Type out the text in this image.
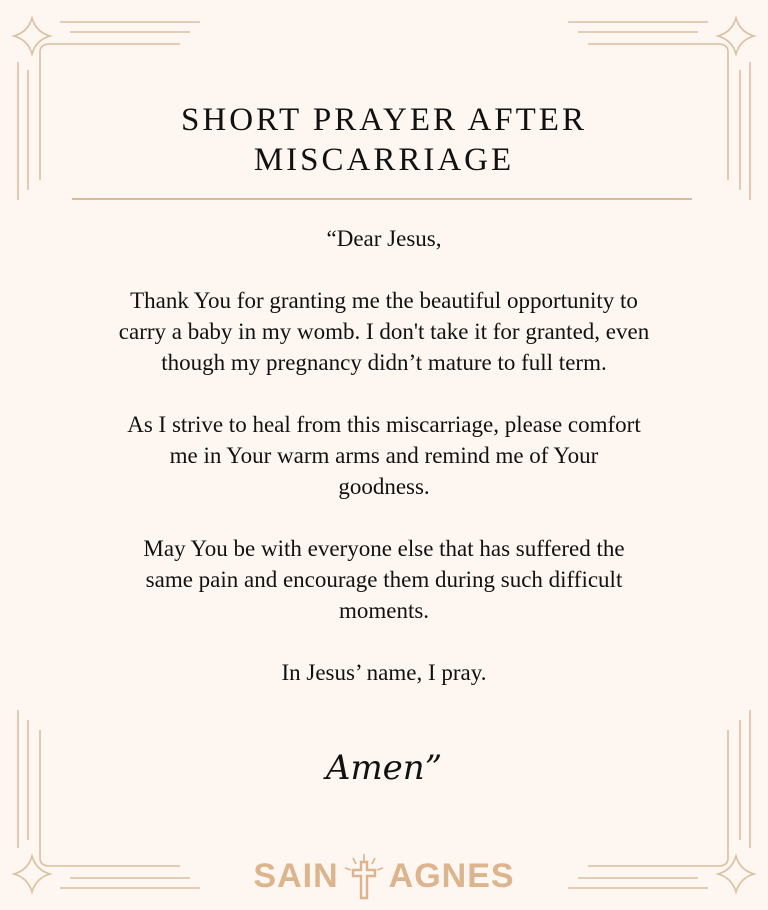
SHORT PRAYER AFTER
MISCARRIAGE

“Dear Jesus,

Thank You for granting me the beautiful opportunity to

carry a baby in my womb. I don't take it for granted, even

though my pregnancy didn’t mature to full term.

As I strive to heal from this miscarriage, please comfort

me in Your warm arms and remind me of Your

goodness.

May You be with everyone else that has suffered the

same pain and encourage them during such difficult

moments.

In Jesus’ name, I pray.

Amen”
SAIN AGNES
